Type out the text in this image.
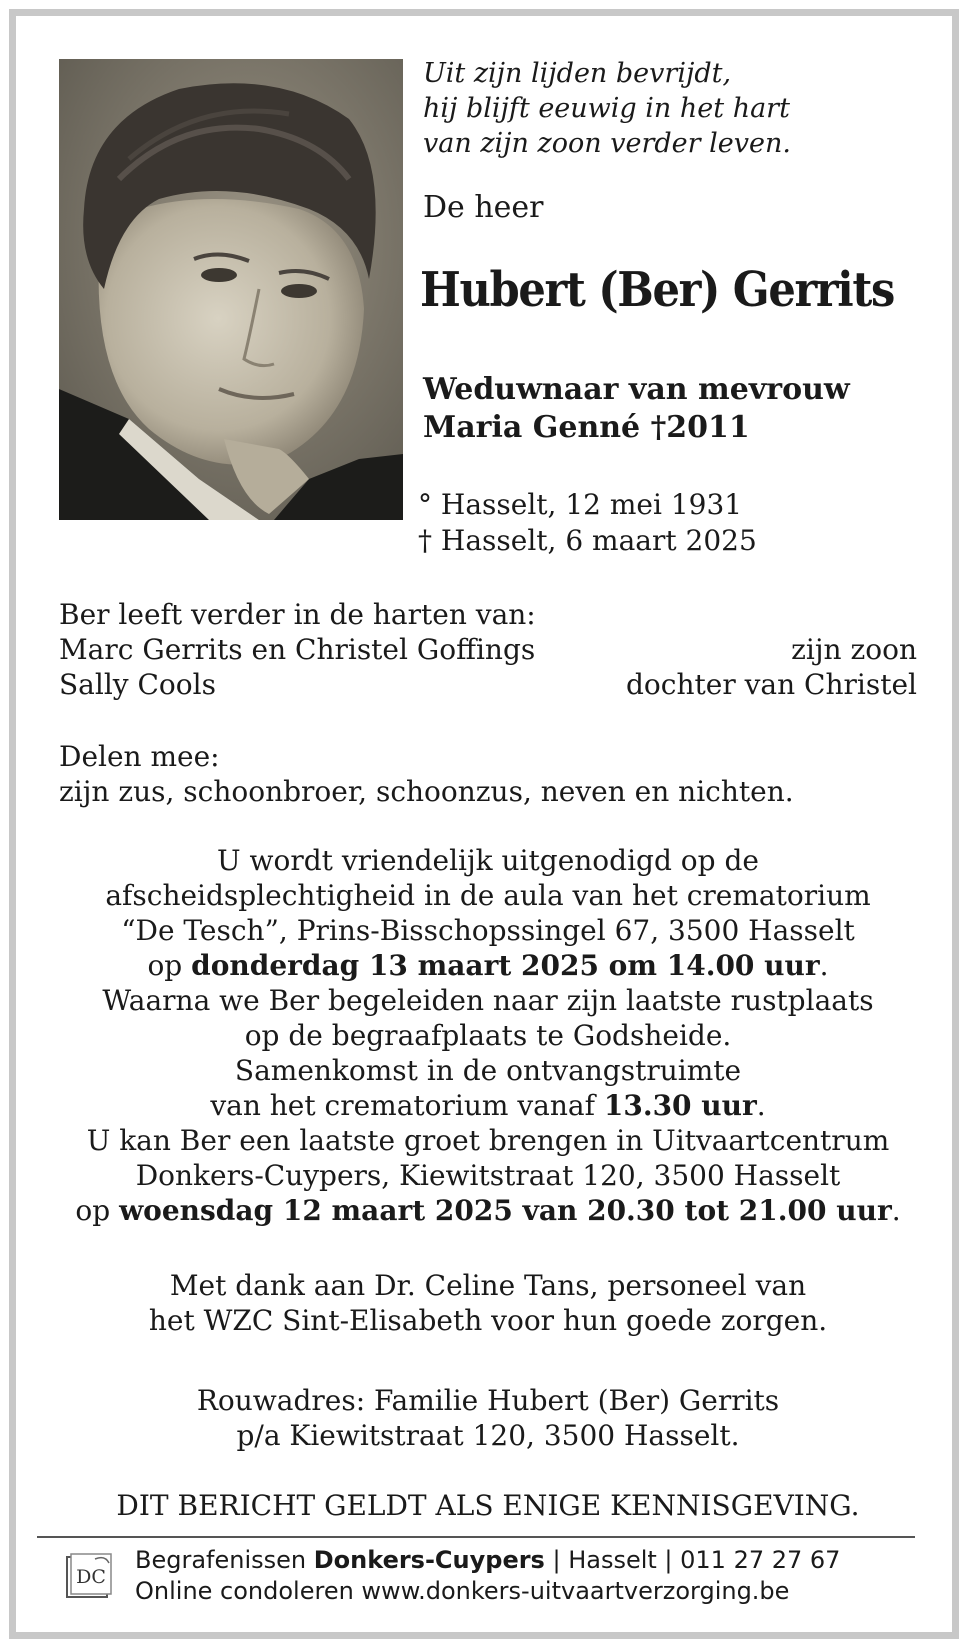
Uit zijn lijden bevrijdt,
hij blijft eeuwig in het hart
van zijn zoon verder leven.
De heer
Hubert (Ber) Gerrits
Weduwnaar van mevrouw
Maria Genné †2011
° Hasselt, 12 mei 1931
† Hasselt, 6 maart 2025
Ber leeft verder in de harten van:
Marc Gerrits en Christel Goffings	zijn zoon
Sally Cools	dochter van Christel
Delen mee:
zijn zus, schoonbroer, schoonzus, neven en nichten.
U wordt vriendelijk uitgenodigd op de
afscheidsplechtigheid in de aula van het crematorium
“De Tesch”, Prins-Bisschopssingel 67, 3500 Hasselt
op donderdag 13 maart 2025 om 14.00 uur.
Waarna we Ber begeleiden naar zijn laatste rustplaats
op de begraafplaats te Godsheide.
Samenkomst in de ontvangstruimte
van het crematorium vanaf 13.30 uur.
U kan Ber een laatste groet brengen in Uitvaartcentrum
Donkers-Cuypers, Kiewitstraat 120, 3500 Hasselt
op woensdag 12 maart 2025 van 20.30 tot 21.00 uur.
Met dank aan Dr. Celine Tans, personeel van
het WZC Sint-Elisabeth voor hun goede zorgen.
Rouwadres: Familie Hubert (Ber) Gerrits
p/a Kiewitstraat 120, 3500 Hasselt.
DIT BERICHT GELDT ALS ENIGE KENNISGEVING.
DC
Begrafenissen Donkers-Cuypers | Hasselt | 011 27 27 67
Online condoleren www.donkers-uitvaartverzorging.be
